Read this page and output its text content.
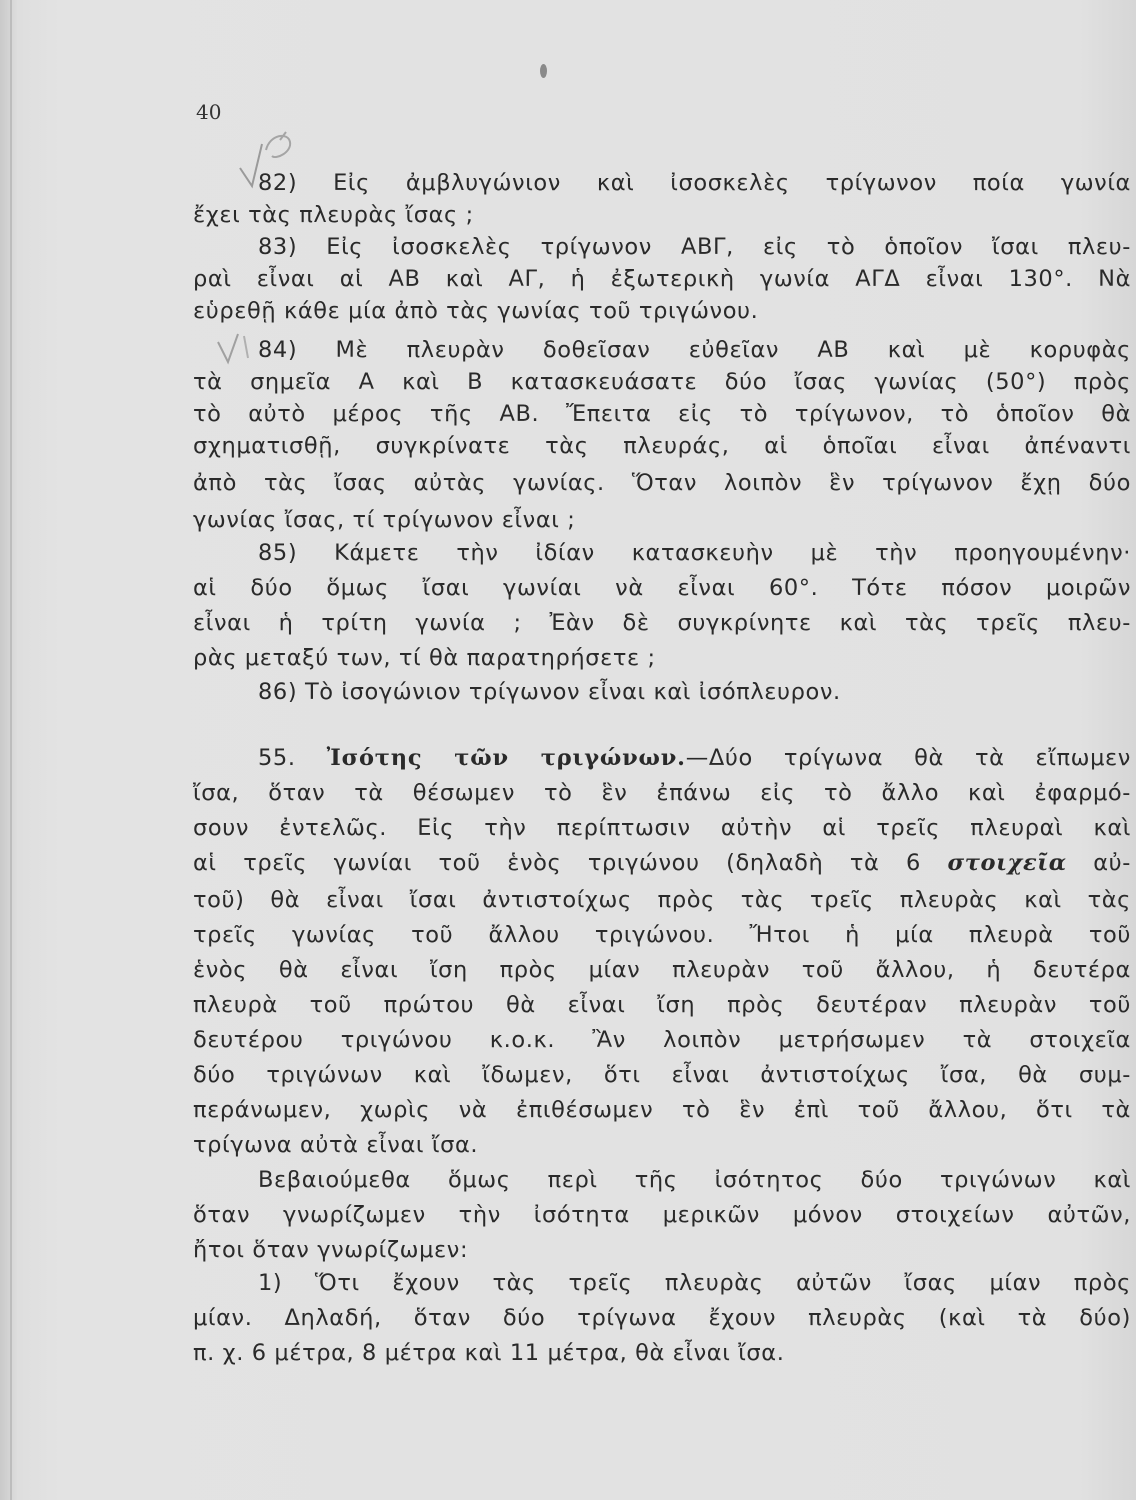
40
82) Εἰς ἀμβλυγώνιον καὶ ἰσοσκελὲς τρίγωνον ποία γωνία
ἔχει τὰς πλευρὰς ἴσας ;
83) Εἰς ἰσοσκελὲς τρίγωνον ΑΒΓ, εἰς τὸ ὁποῖον ἴσαι πλευ-
ραὶ εἶναι αἱ ΑΒ καὶ ΑΓ, ἡ ἐξωτερικὴ γωνία ΑΓΔ εἶναι 130°. Νὰ
εὑρεθῇ κάθε μία ἀπὸ τὰς γωνίας τοῦ τριγώνου.
84) Μὲ πλευρὰν δοθεῖσαν εὐθεῖαν ΑΒ καὶ μὲ κορυφὰς
τὰ σημεῖα Α καὶ Β κατασκευάσατε δύο ἴσας γωνίας (50°) πρὸς
τὸ αὐτὸ μέρος τῆς ΑΒ. Ἔπειτα εἰς τὸ τρίγωνον, τὸ ὁποῖον θὰ
σχηματισθῇ, συγκρίνατε τὰς πλευράς, αἱ ὁποῖαι εἶναι ἀπέναντι
ἀπὸ τὰς ἴσας αὐτὰς γωνίας. Ὅταν λοιπὸν ἓν τρίγωνον ἔχῃ δύο
γωνίας ἴσας, τί τρίγωνον εἶναι ;
85) Κάμετε τὴν ἰδίαν κατασκευὴν μὲ τὴν προηγουμένην·
αἱ δύο ὅμως ἴσαι γωνίαι νὰ εἶναι 60°. Τότε πόσον μοιρῶν
εἶναι ἡ τρίτη γωνία ; Ἐὰν δὲ συγκρίνητε καὶ τὰς τρεῖς πλευ-
ρὰς μεταξύ των, τί θὰ παρατηρήσετε ;
86) Τὸ ἰσογώνιον τρίγωνον εἶναι καὶ ἰσόπλευρον.
55. Ἰσότης τῶν τριγώνων.—Δύο τρίγωνα θὰ τὰ εἴπωμεν
ἴσα, ὅταν τὰ θέσωμεν τὸ ἓν ἐπάνω εἰς τὸ ἄλλο καὶ ἐφαρμό-
σουν ἐντελῶς. Εἰς τὴν περίπτωσιν αὐτὴν αἱ τρεῖς πλευραὶ καὶ
αἱ τρεῖς γωνίαι τοῦ ἑνὸς τριγώνου (δηλαδὴ τὰ 6 στοιχεῖα αὐ-
τοῦ) θὰ εἶναι ἴσαι ἀντιστοίχως πρὸς τὰς τρεῖς πλευρὰς καὶ τὰς
τρεῖς γωνίας τοῦ ἄλλου τριγώνου. Ἤτοι ἡ μία πλευρὰ τοῦ
ἑνὸς θὰ εἶναι ἴση πρὸς μίαν πλευρὰν τοῦ ἄλλου, ἡ δευτέρα
πλευρὰ τοῦ πρώτου θὰ εἶναι ἴση πρὸς δευτέραν πλευρὰν τοῦ
δευτέρου τριγώνου κ.ο.κ. Ἂν λοιπὸν μετρήσωμεν τὰ στοιχεῖα
δύο τριγώνων καὶ ἴδωμεν, ὅτι εἶναι ἀντιστοίχως ἴσα, θὰ συμ-
περάνωμεν, χωρὶς νὰ ἐπιθέσωμεν τὸ ἓν ἐπὶ τοῦ ἄλλου, ὅτι τὰ
τρίγωνα αὐτὰ εἶναι ἴσα.
Βεβαιούμεθα ὅμως περὶ τῆς ἰσότητος δύο τριγώνων καὶ
ὅταν γνωρίζωμεν τὴν ἰσότητα μερικῶν μόνον στοιχείων αὐτῶν,
ἤτοι ὅταν γνωρίζωμεν:
1) Ὅτι ἔχουν τὰς τρεῖς πλευρὰς αὐτῶν ἴσας μίαν πρὸς
μίαν. Δηλαδή, ὅταν δύο τρίγωνα ἔχουν πλευρὰς (καὶ τὰ δύο)
π. χ. 6 μέτρα, 8 μέτρα καὶ 11 μέτρα, θὰ εἶναι ἴσα.
